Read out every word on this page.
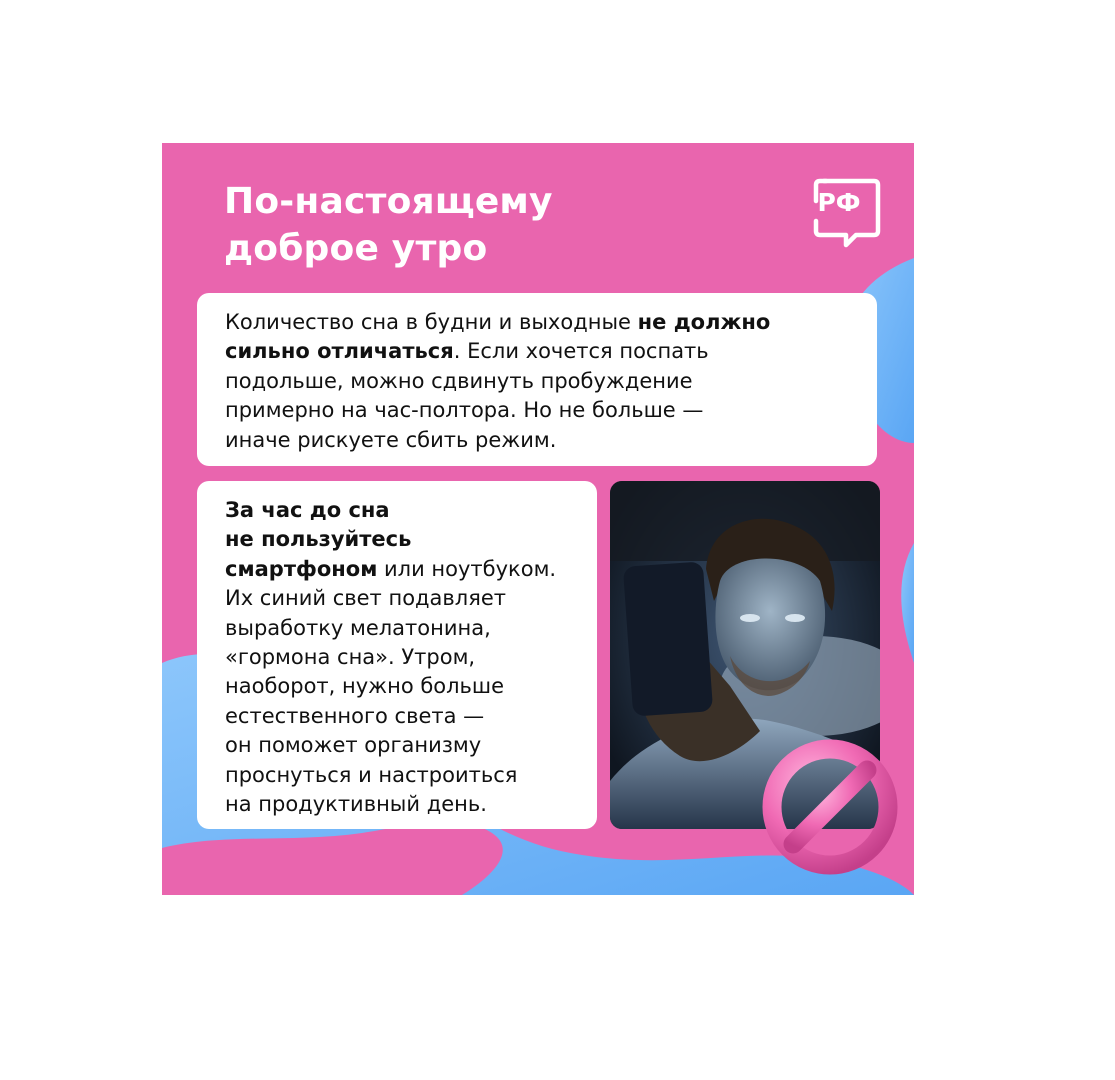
По-настоящему
доброе утро
РФ
Количество сна в будни и выходные не должно
сильно отличаться. Если хочется поспать
подольше, можно сдвинуть пробуждение
примерно на час-полтора. Но не больше —
иначе рискуете сбить режим.
За час до сна
не пользуйтесь
смартфоном или ноутбуком.
Их синий свет подавляет
выработку мелатонина,
«гормона сна». Утром,
наоборот, нужно больше
естественного света —
он поможет организму
проснуться и настроиться
на продуктивный день.
